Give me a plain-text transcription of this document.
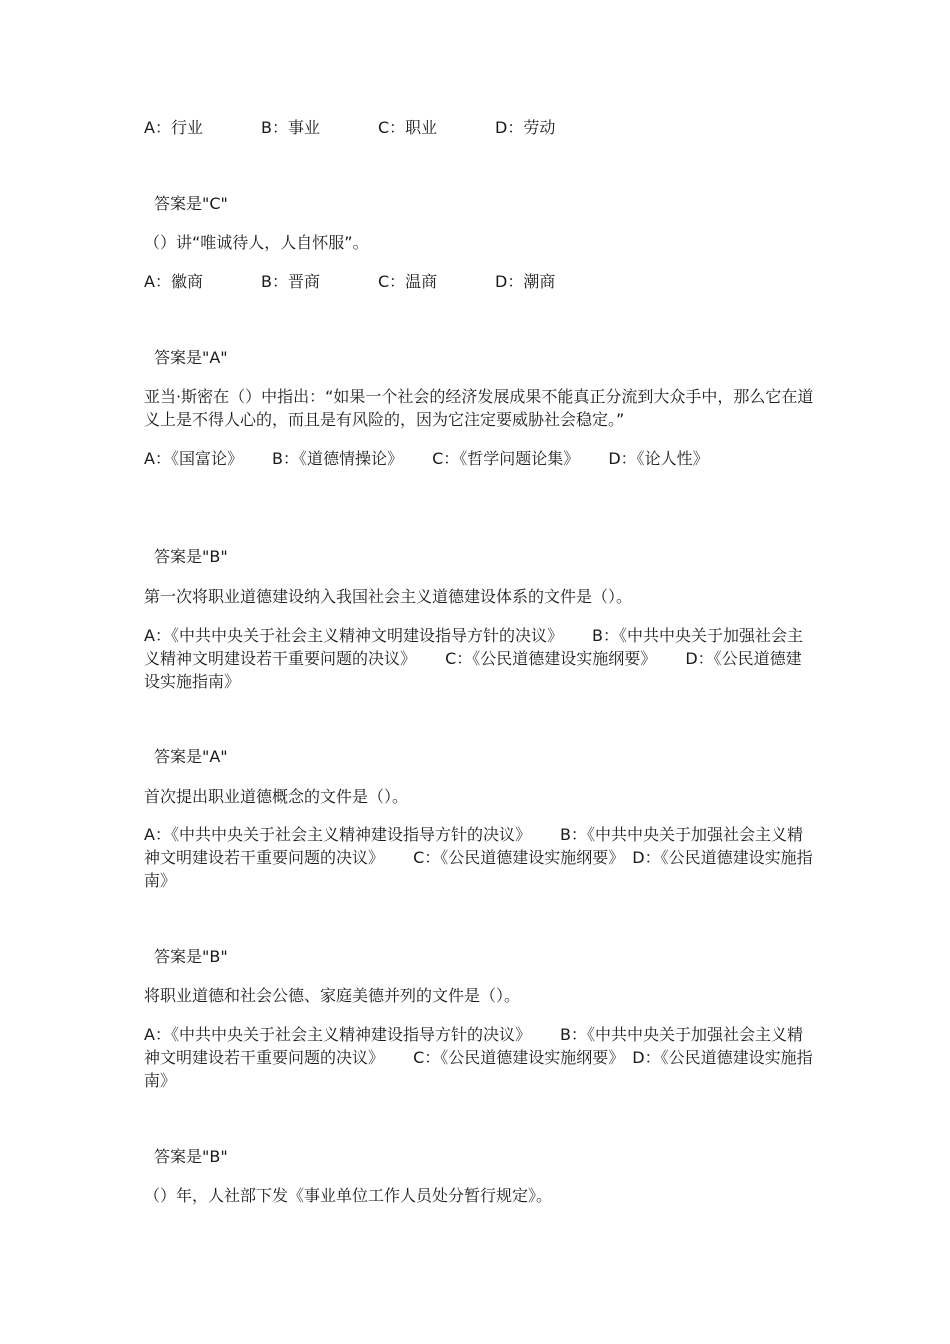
A：行业	B：事业	C：职业	D：劳动
答案是"C"
（）讲“唯诚待人，人自怀服”。
A：徽商	B：晋商	C：温商	D：潮商
答案是"A"
亚当·斯密在（）中指出：“如果一个社会的经济发展成果不能真正分流到大众手中，那么它在道义上是不得人心的，而且是有风险的，因为它注定要威胁社会稳定。”
A：《国富论》　　 B：《道德情操论》　　 C：《哲学问题论集》　　 D：《论人性》
答案是"B"
第一次将职业道德建设纳入我国社会主义道德建设体系的文件是（）。
A：《中共中央关于社会主义精神文明建设指导方针的决议》　　 B：《中共中央关于加强社会主义精神文明建设若干重要问题的决议》　　 C：《公民道德建设实施纲要》　　 D：《公民道德建设实施指南》
答案是"A"
首次提出职业道德概念的文件是（）。
A：《中共中央关于社会主义精神建设指导方针的决议》　　 B：《中共中央关于加强社会主义精神文明建设若干重要问题的决议》　　 C：《公民道德建设实施纲要》　D：《公民道德建设实施指南》
答案是"B"
将职业道德和社会公德、家庭美德并列的文件是（）。
A：《中共中央关于社会主义精神建设指导方针的决议》　　 B：《中共中央关于加强社会主义精神文明建设若干重要问题的决议》　　 C：《公民道德建设实施纲要》　D：《公民道德建设实施指南》
答案是"B"
（）年，人社部下发《事业单位工作人员处分暂行规定》。
